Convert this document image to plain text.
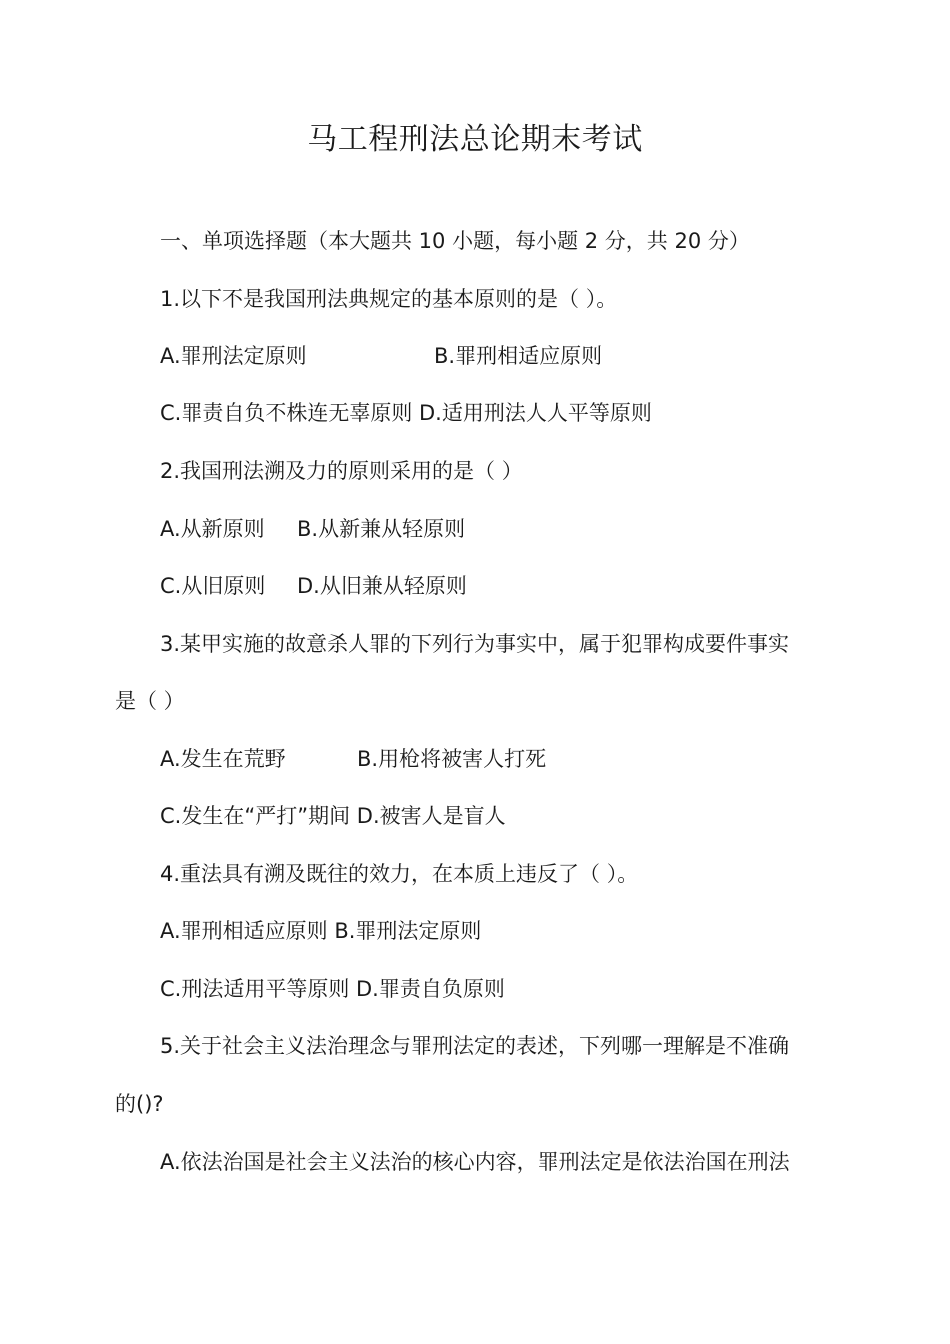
马工程刑法总论期末考试
一、单项选择题（本大题共 10 小题，每小题 2 分，共 20 分）
1.以下不是我国刑法典规定的基本原则的是（ ）。
A.罪刑法定原则	B.罪刑相适应原则
C.罪责自负不株连无辜原则 D.适用刑法人人平等原则
2.我国刑法溯及力的原则采用的是（ ）
A.从新原则 B.从新兼从轻原则
C.从旧原则 D.从旧兼从轻原则
3.某甲实施的故意杀人罪的下列行为事实中，属于犯罪构成要件事实
是（ ）
A.发生在荒野	B.用枪将被害人打死
C.发生在“严打”期间 D.被害人是盲人
4.重法具有溯及既往的效力，在本质上违反了（ ）。
A.罪刑相适应原则 B.罪刑法定原则
C.刑法适用平等原则 D.罪责自负原则
5.关于社会主义法治理念与罪刑法定的表述，下列哪一理解是不准确
的()?
A.依法治国是社会主义法治的核心内容，罪刑法定是依法治国在刑法
